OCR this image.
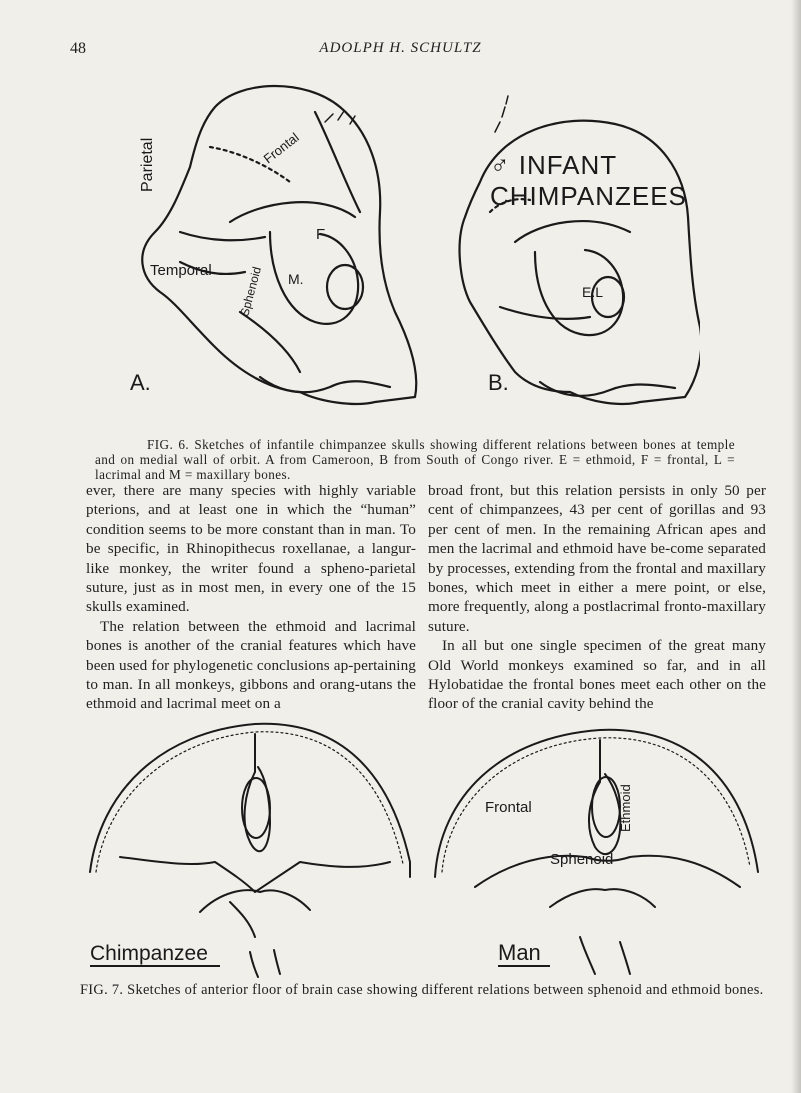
48	ADOLPH H. SCHULTZ
Parietal
Temporal Sphenoid
Frontal
F
M.
E.L
A.	B.
♂ INFANT CHIMPANZEES
FIG. 6. Sketches of infantile chimpanzee skulls showing different relations between bones at temple and on medial wall of orbit. A from Cameroon, B from South of Congo river. E = ethmoid, F = frontal, L = lacrimal and M = maxillary bones.

ever, there are many species with highly variable pterions, and at least one in which the “human” condition seems to be more constant than in man. To be specific, in Rhinopithecus roxellanae, a langur-like monkey, the writer found a spheno-parietal suture, just as in most men, in every one of the 15 skulls examined.

The relation between the ethmoid and lacrimal bones is another of the cranial features which have been used for phylogenetic conclusions ap-pertaining to man. In all monkeys, gibbons and orang-utans the ethmoid and lacrimal meet on a

broad front, but this relation persists in only 50 per cent of chimpanzees, 43 per cent of gorillas and 93 per cent of men. In the remaining African apes and men the lacrimal and ethmoid have be-come separated by processes, extending from the frontal and maxillary bones, which meet in either a mere point, or else, more frequently, along a postlacrimal fronto-maxillary suture.

In all but one single specimen of the great many Old World monkeys examined so far, and in all Hylobatidae the frontal bones meet each other on the floor of the cranial cavity behind the

Chimpanzee	Man
Frontal	Ethmoid
Sphenoid
FIG. 7. Sketches of anterior floor of brain case showing different relations between sphenoid and ethmoid bones.
